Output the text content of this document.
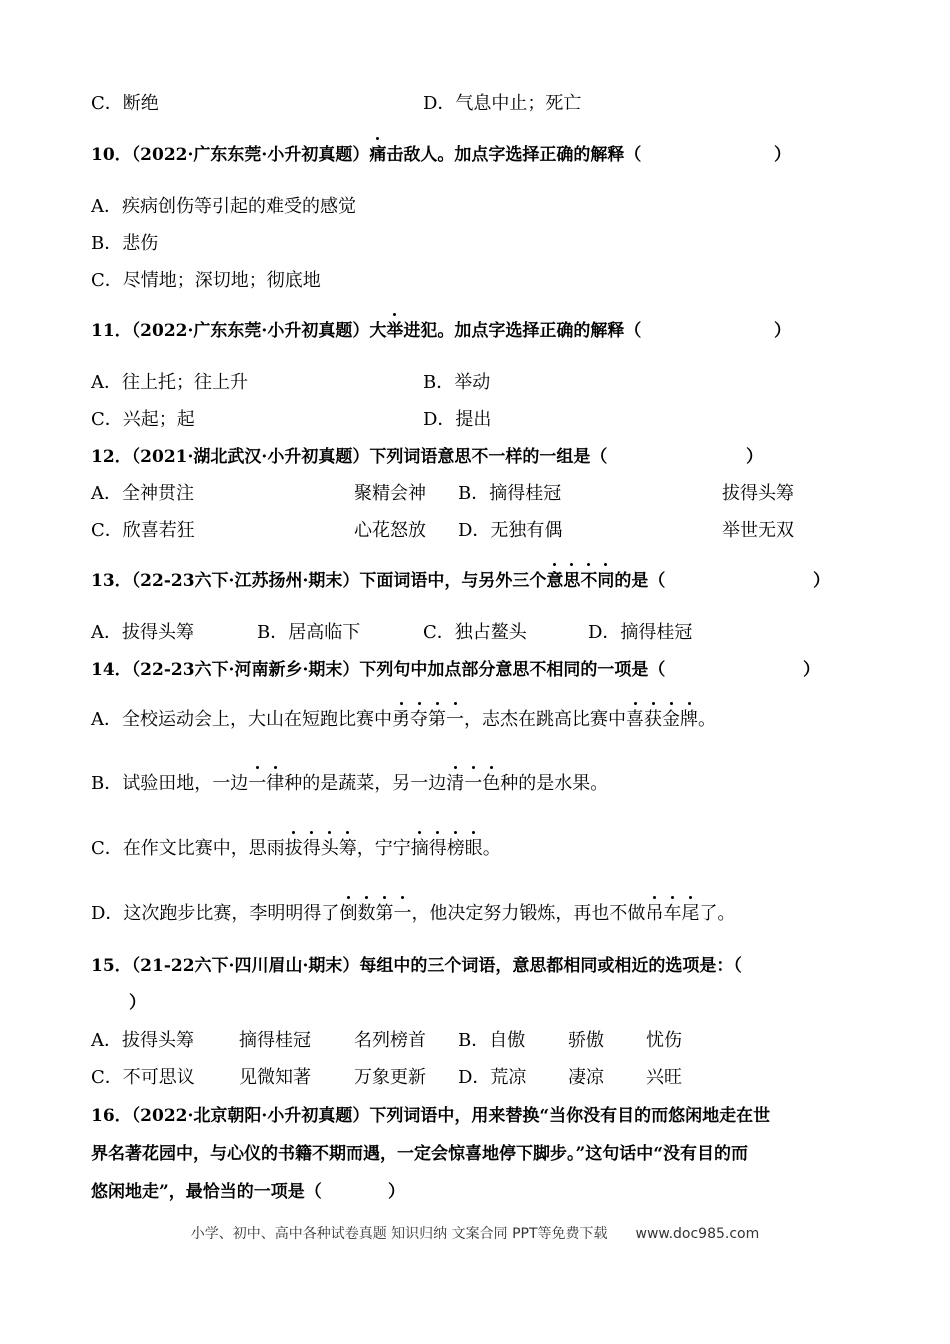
C．断绝	D．气息中止；死亡
10．（2022·广东东莞·小升初真题）痛击敌人。加点字选择正确的解释（	）
A．疾病创伤等引起的难受的感觉
B．悲伤
C．尽情地；深切地；彻底地
11．（2022·广东东莞·小升初真题）大举进犯。加点字选择正确的解释（	）
A．往上托；往上升	B．举动
C．兴起；起	D．提出
12．（2021·湖北武汉·小升初真题）下列词语意思不一样的一组是（	）
A．全神贯注	聚精会神 B．摘得桂冠	拔得头筹
C．欣喜若狂	心花怒放 D．无独有偶	举世无双
13．（22-23六下·江苏扬州·期末）下面词语中，与另外三个意思不同的是（	）
A．拔得头筹	B．居高临下	C．独占鳌头	D．摘得桂冠
14．（22-23六下·河南新乡·期末）下列句中加点部分意思不相同的一项是（	）
A．全校运动会上，大山在短跑比赛中勇夺第一，志杰在跳高比赛中喜获金牌。
B．试验田地，一边一律种的是蔬菜，另一边清一色种的是水果。
C．在作文比赛中，思雨拔得头筹，宁宁摘得榜眼。
D．这次跑步比赛，李明明得了倒数第一，他决定努力锻炼，再也不做吊车尾了。
15．（21-22六下·四川眉山·期末）每组中的三个词语，意思都相同或相近的选项是：（
）
A．拔得头筹	摘得桂冠 名列榜首 B．自傲 骄傲 忧伤
C．不可思议 见微知著 万象更新 D．荒凉 凄凉 兴旺
16．（2022·北京朝阳·小升初真题）下列词语中，用来替换“当你没有目的而悠闲地走在世
界名著花园中，与心仪的书籍不期而遇，一定会惊喜地停下脚步。”这句话中“没有目的而
悠闲地走”，最恰当的一项是（	）
小学、初中、高中各种试卷真题 知识归纳 文案合同 PPT等免费下载 www.doc985.com
